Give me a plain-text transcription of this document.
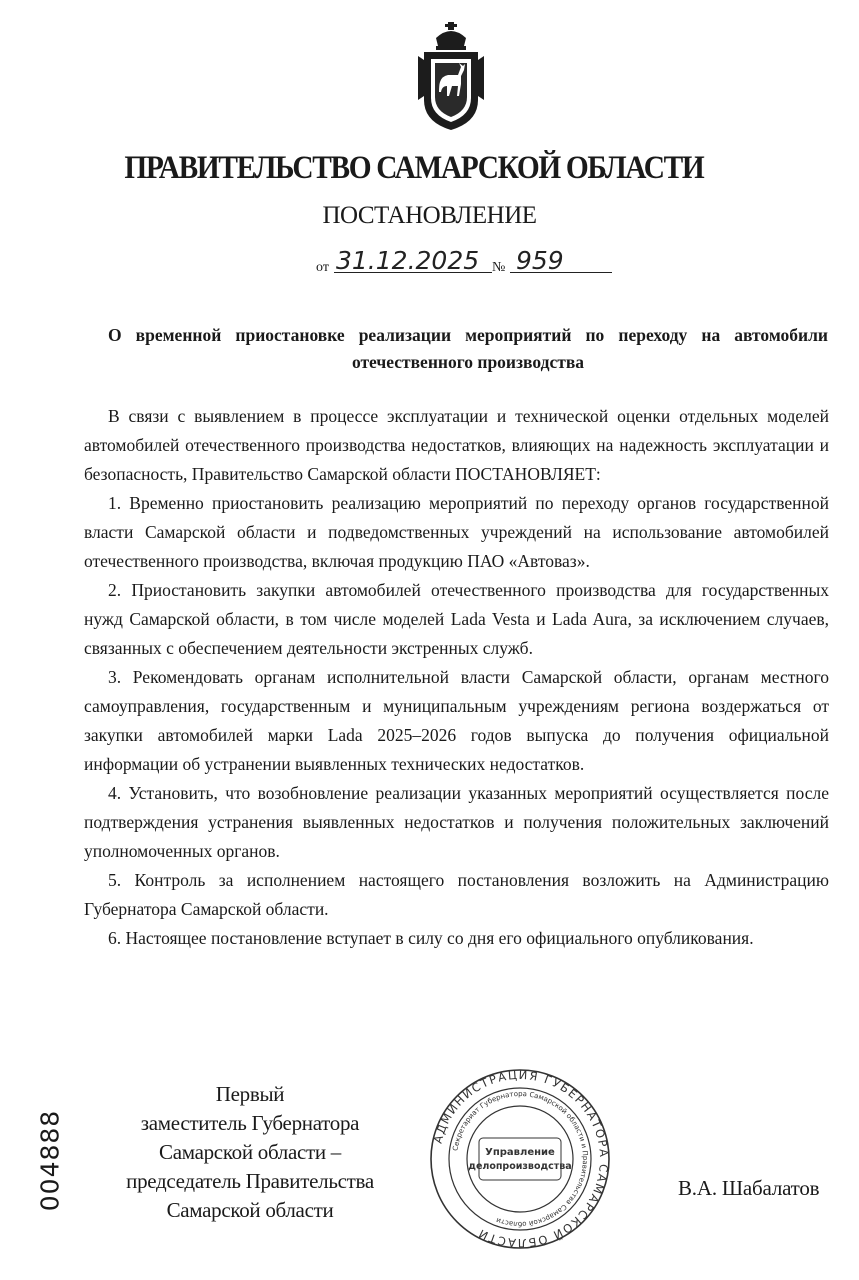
ПРАВИТЕЛЬСТВО САМАРСКОЙ ОБЛАСТИ
ПОСТАНОВЛЕНИЕ
от 31.12.2025 № 959
О временной приостановке реализации мероприятий по переходу на автомобили отечественного производства

В связи с выявлением в процессе эксплуатации и технической оценки отдельных моделей автомобилей отечественного производства недостатков, влияющих на надежность эксплуатации и безопасность, Правительство Самарской области ПОСТАНОВЛЯЕТ:

1. Временно приостановить реализацию мероприятий по переходу органов государственной власти Самарской области и подведомственных учреждений на использование автомобилей отечественного производства, включая продукцию ПАО «Автоваз».

2. Приостановить закупки автомобилей отечественного производства для государственных нужд Самарской области, в том числе моделей Lada Vesta и Lada Aura, за исключением случаев, связанных с обеспечением деятельности экстренных служб.

3. Рекомендовать органам исполнительной власти Самарской области, органам местного самоуправления, государственным и муниципальным учреждениям региона воздержаться от закупки автомобилей марки Lada 2025–2026 годов выпуска до получения официальной информации об устранении выявленных технических недостатков.

4. Установить, что возобновление реализации указанных мероприятий осуществляется после подтверждения устранения выявленных недостатков и получения положительных заключений уполномоченных органов.

5. Контроль за исполнением настоящего постановления возложить на Администрацию Губернатора Самарской области.

6. Настоящее постановление вступает в силу со дня его официального опубликования.

Первый
заместитель Губернатора
Самарской области –
председатель Правительства
Самарской области
004888	АДМИНИСТРАЦИЯ ГУБЕРНАТОРА САМАРСКОЙ ОБЛАСТИ
Секретариат Губернатора Самарской области и Правительства Самарской области
Управление
делопроизводства
В.А. Шабалатов
